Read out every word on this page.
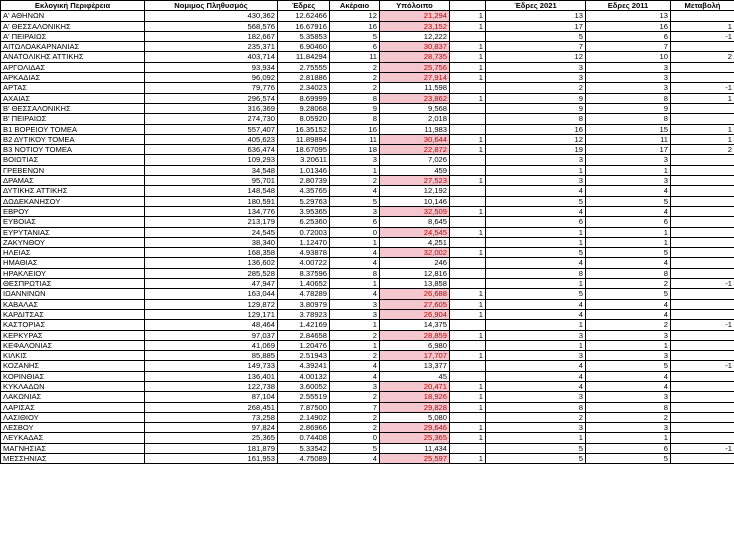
Εκλογική Περιφέρεια	Νομιμος Πληθυσμός	Έδρες	Ακέραιο	Υπόλοιπο		Έδρες 2021	Εδρες 2011	Μεταβολή
Α' ΑΘΗΝΩΝ	430,362	12.62466	12	21,294	1	13	13	
Α' ΘΕΣΣΑΛΟΝΙΚΗΣ	568,576	16.67916	16	23,152	1	17	16	1
Α' ΠΕΙΡΑΙΩΣ	182,667	5.35853	5	12,222		5	6	-1
ΑΙΤΩΛΟΑΚΑΡΝΑΝΙΑΣ	235,371	6.90460	6	30,837	1	7	7	
ΑΝΑΤΟΛΙΚΗΣ ΑΤΤΙΚΗΣ	403,714	11.84294	11	28,735	1	12	10	2
ΑΡΓΟΛΙΔΑΣ	93,934	2.75555	2	25,756	1	3	3	
ΑΡΚΑΔΙΑΣ	96,092	2.81886	2	27,914	1	3	3	
ΑΡΤΑΣ	79,776	2.34023	2	11,598		2	3	-1
ΑΧΑΙΑΣ	296,574	8.69999	8	23,862	1	9	8	1
Β' ΘΕΣΣΑΛΟΝΙΚΗΣ	316,369	9.28068	9	9,568		9	9	
Β' ΠΕΙΡΑΙΩΣ	274,730	8.05920	8	2,018		8	8	
Β1 ΒΟΡΕΙΟΥ ΤΟΜΕΑ	557,407	16.35152	16	11,983		16	15	1
Β2 ΔΥΤΙΚΟΥ ΤΟΜΕΑ	405,623	11.89894	11	30,644	1	12	11	1
Β3 ΝΟΤΙΟΥ ΤΟΜΕΑ	636,474	18.67095	18	22,872	1	19	17	2
ΒΟΙΩΤΙΑΣ	109,293	3.20611	3	7,026		3	3	
ΓΡΕΒΕΝΩΝ	34,548	1.01346	1	459		1	1	
ΔΡΑΜΑΣ	95,701	2.80739	2	27,523	1	3	3	
ΔΥΤΙΚΗΣ ΑΤΤΙΚΗΣ	148,548	4.35765	4	12,192		4	4	
ΔΩΔΕΚΑΝΗΣΟΥ	180,591	5.29763	5	10,146		5	5	
ΕΒΡΟΥ	134,776	3.95365	3	32,509	1	4	4	
ΕΥΒΟΙΑΣ	213,179	6.25360	6	8,645		6	6	
ΕΥΡΥΤΑΝΙΑΣ	24,545	0.72003	0	24,545	1	1	1	
ΖΑΚΥΝΘΟΥ	38,340	1.12470	1	4,251		1	1	
ΗΛΕΙΑΣ	168,358	4.93878	4	32,002	1	5	5	
ΗΜΑΘΙΑΣ	136,602	4.00722	4	246		4	4	
ΗΡΑΚΛΕΙΟΥ	285,528	8.37596	8	12,816		8	8	
ΘΕΣΠΡΩΤΙΑΣ	47,947	1.40652	1	13,858		1	2	-1
ΙΩΑΝΝΙΝΩΝ	163,044	4.78289	4	26,688	1	5	5	
ΚΑΒΑΛΑΣ	129,872	3.80979	3	27,605	1	4	4	
ΚΑΡΔΙΤΣΑΣ	129,171	3.78923	3	26,904	1	4	4	
ΚΑΣΤΟΡΙΑΣ	48,464	1.42169	1	14,375		1	2	-1
ΚΕΡΚΥΡΑΣ	97,037	2.84658	2	28,859	1	3	3	
ΚΕΦΑΛΟΝΙΑΣ	41,069	1.20476	1	6,980		1	1	
ΚΙΛΚΙΣ	85,885	2.51943	2	17,707	1	3	3	
ΚΟΖΑΝΗΣ	149,733	4.39241	4	13,377		4	5	-1
ΚΟΡΙΝΘΙΑΣ	136,401	4.00132	4	45		4	4	
ΚΥΚΛΑΔΩΝ	122,738	3.60052	3	20,471	1	4	4	
ΛΑΚΩΝΙΑΣ	87,104	2.55519	2	18,926	1	3	3	
ΛΑΡΙΣΑΣ	268,451	7.87500	7	29,828	1	8	8	
ΛΑΣΙΘΙΟΥ	73,258	2.14902	2	5,080		2	2	
ΛΕΣΒΟΥ	97,824	2.86966	2	29,646	1	3	3	
ΛΕΥΚΑΔΑΣ	25,365	0.74408	0	25,365	1	1	1	
ΜΑΓΝΗΣΙΑΣ	181,879	5.33542	5	11,434		5	6	-1
ΜΕΣΣΗΝΙΑΣ	161,953	4.75089	4	25,597	1	5	5	
